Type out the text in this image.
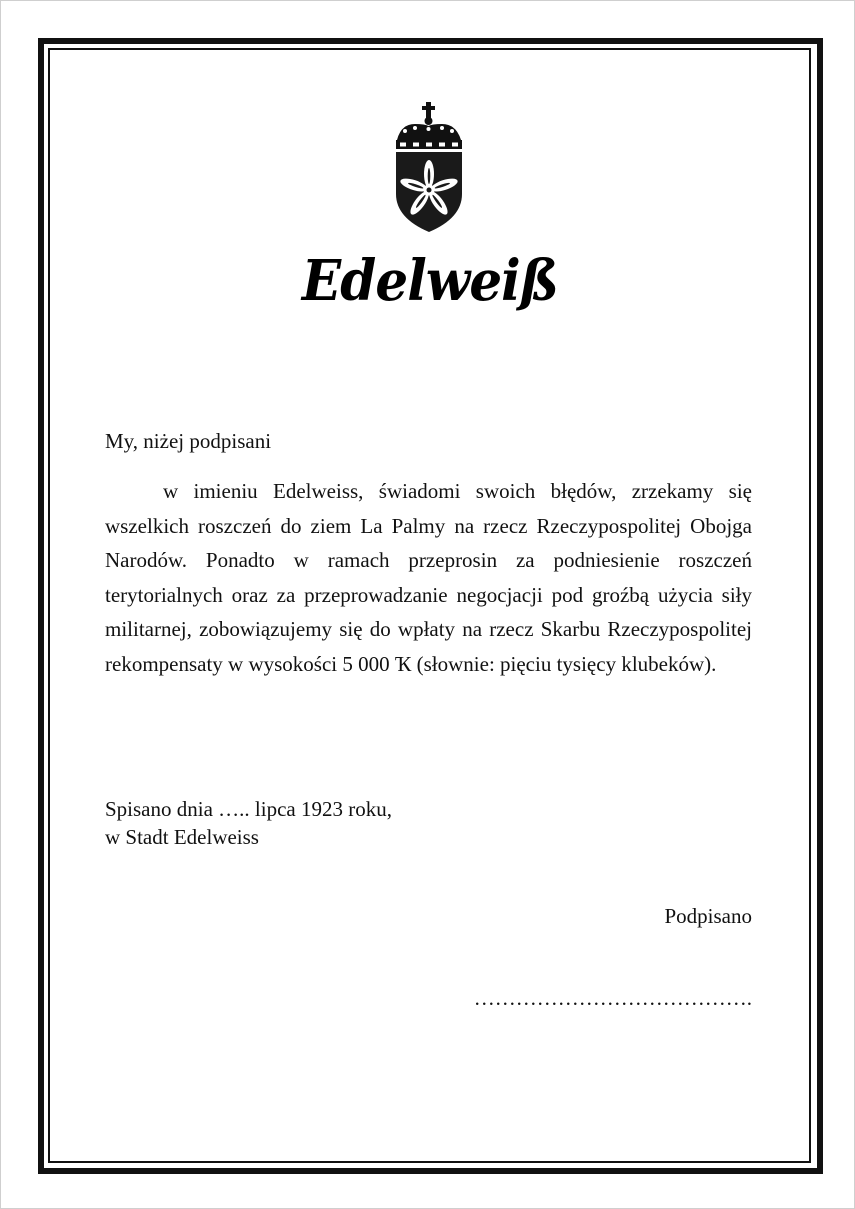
Edelweiß
My, niżej podpisani

w imieniu Edelweiss, świadomi swoich błędów, zrzekamy się wszelkich roszczeń do ziem La Palmy na rzecz Rzeczypospolitej Obojga Narodów. Ponadto w ramach przeprosin za podniesienie roszczeń terytorialnych oraz za przeprowadzanie negocjacji pod groźbą użycia siły militarnej, zobowiązujemy się do wpłaty na rzecz Skarbu Rzeczypospolitej rekompensaty w wysokości 5 000 Ҡ (słownie: pięciu tysięcy klubeków).

Spisano dnia ….. lipca 1923 roku,
w Stadt Edelweiss
Podpisano
………………………………….
